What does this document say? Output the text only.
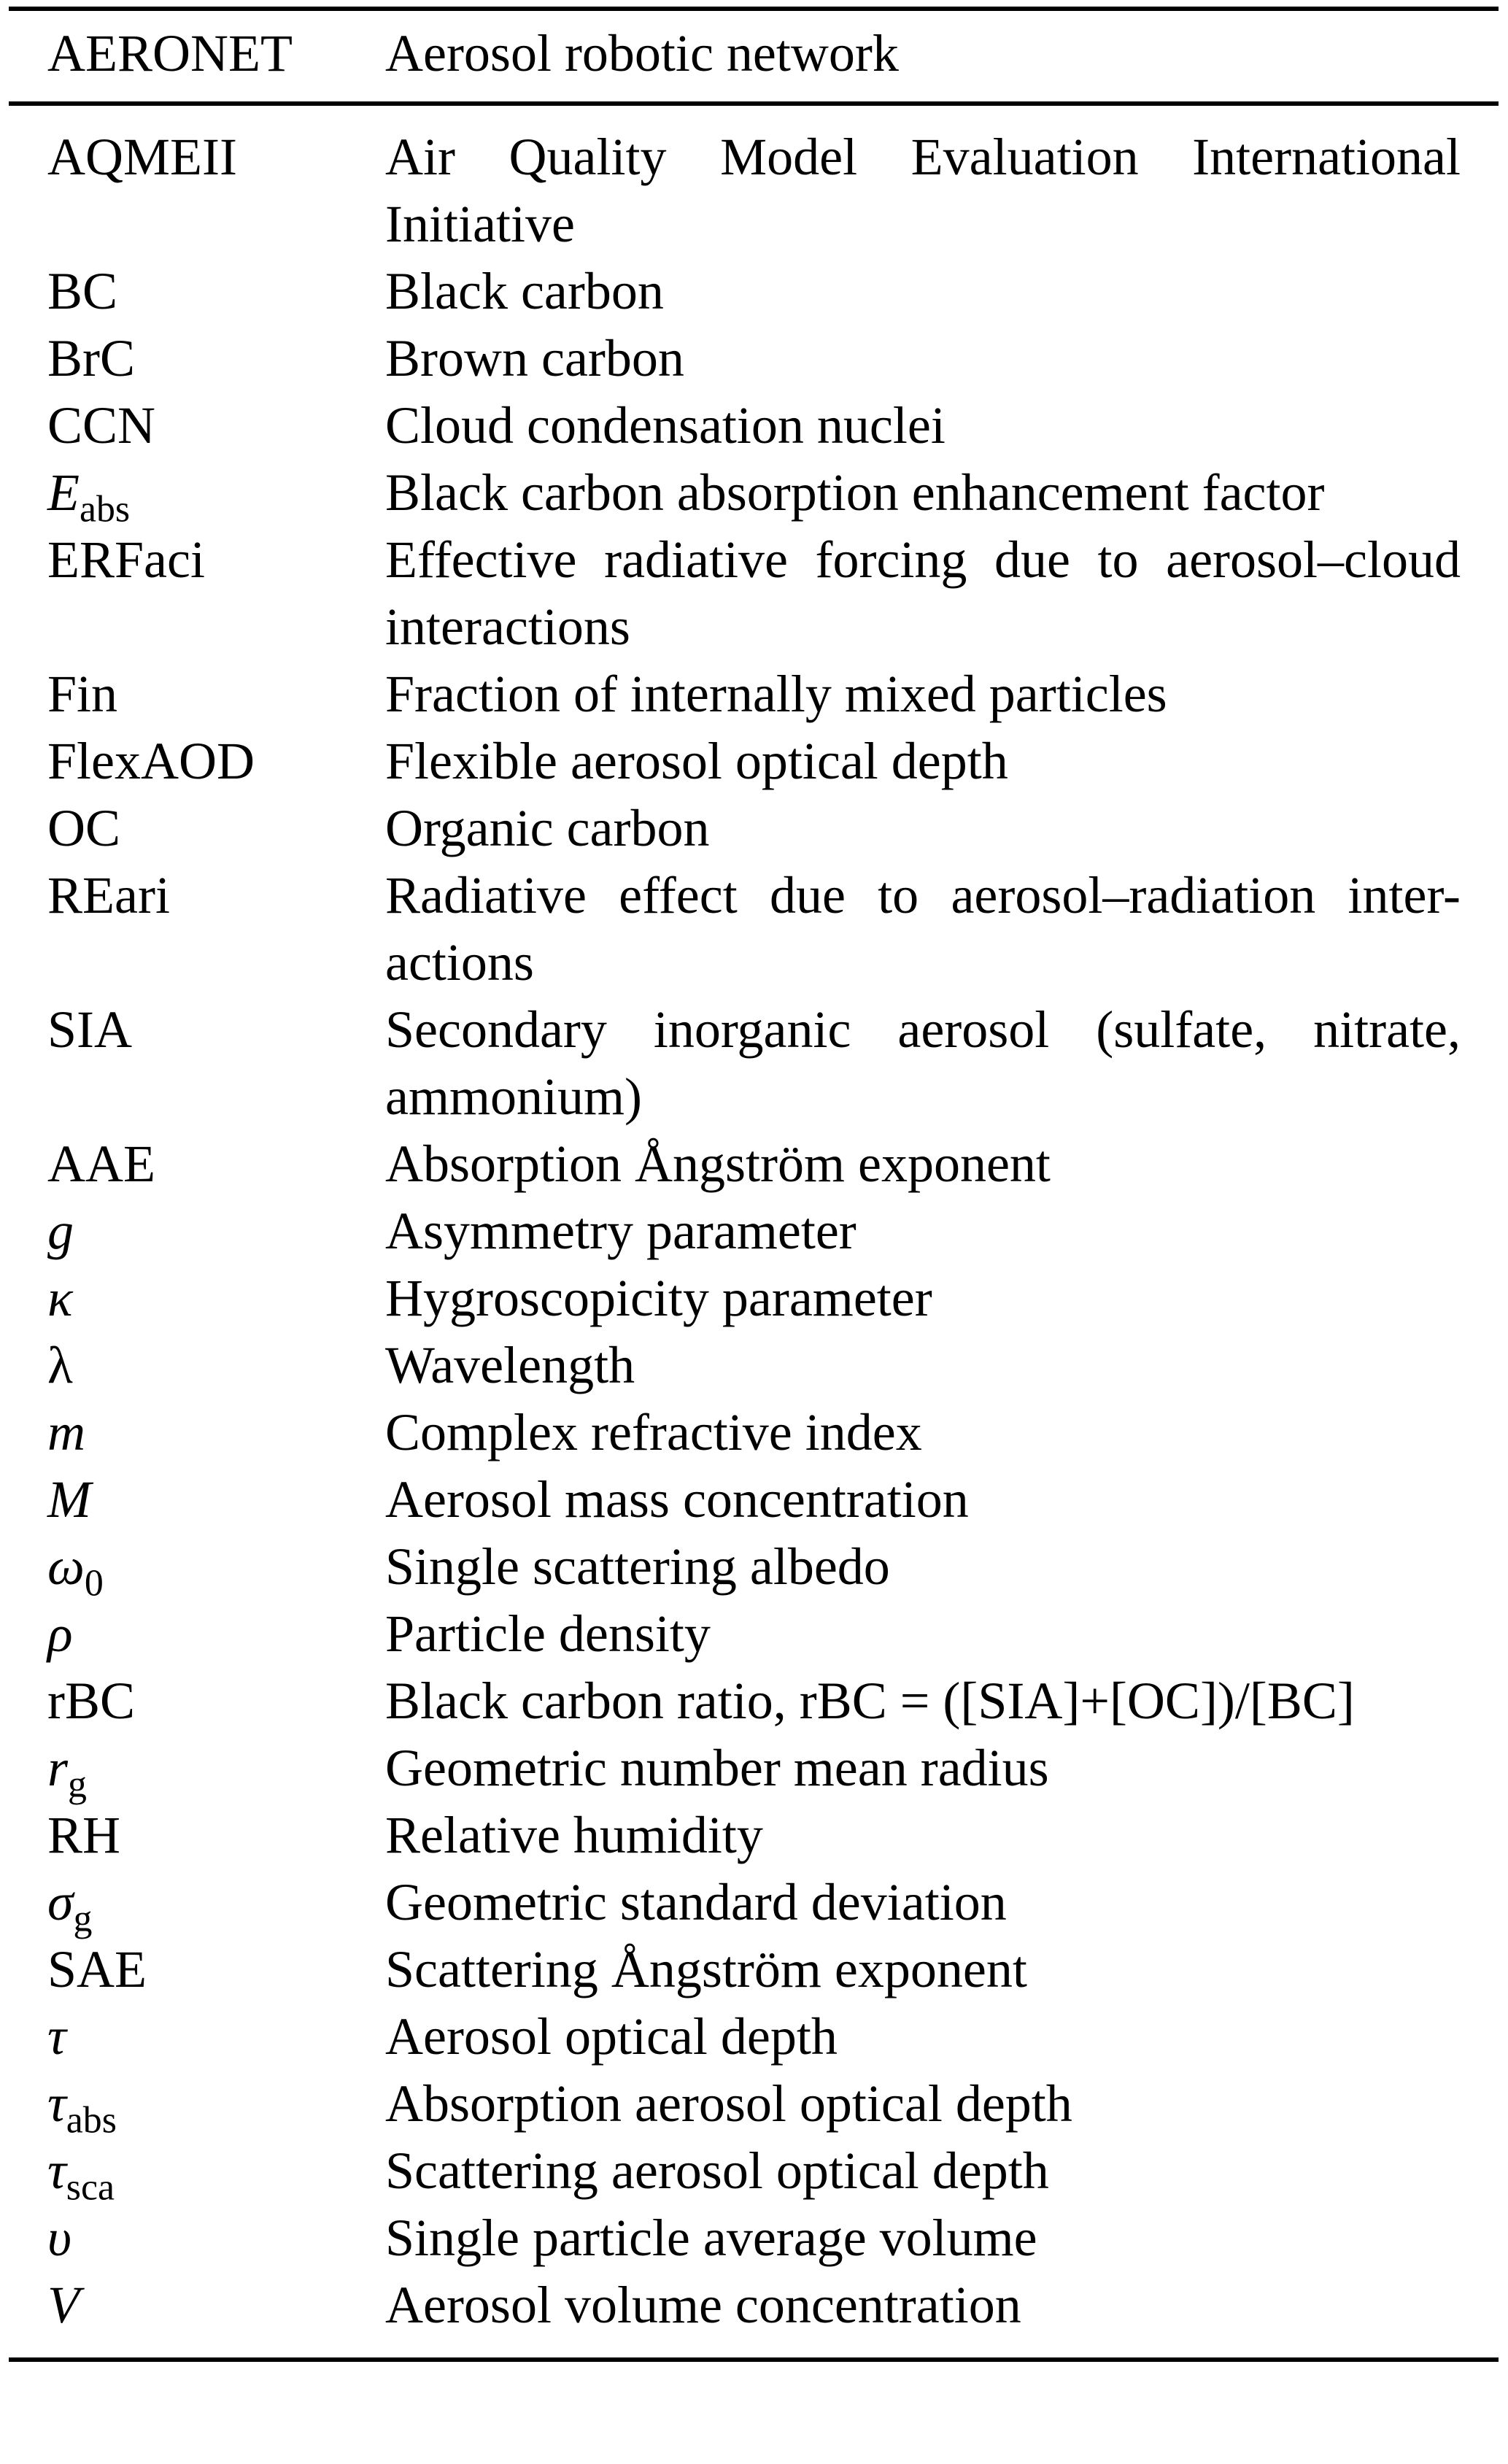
AERONET	Aerosol robotic network
AQMEII	Air Quality Model Evaluation International Initiative
BC	Black carbon
BrC	Brown carbon
CCN	Cloud condensation nuclei
$E_{abs}$	Black carbon absorption enhancement factor
ERFaci	Effective radiative forcing due to aerosol–cloud interactions
Fin	Fraction of internally mixed particles
FlexAOD	Flexible aerosol optical depth
OC	Organic carbon
REari	Radiative effect due to aerosol–radiation inter-actions
SIA	Secondary inorganic aerosol (sulfate, nitrate, ammonium)
AAE	Absorption Ångström exponent
g	Asymmetry parameter
κ	Hygroscopicity parameter
λ	Wavelength
m	Complex refractive index
M	Aerosol mass concentration
$\omega_0$	Single scattering albedo
ρ	Particle density
rBC	Black carbon ratio, rBC = ([SIA]+[OC])/[BC]
$r_g$	Geometric number mean radius
RH	Relative humidity
$\sigma_g$	Geometric standard deviation
SAE	Scattering Ångström exponent
τ	Aerosol optical depth
$\tau_{abs}$	Absorption aerosol optical depth
$\tau_{sca}$	Scattering aerosol optical depth
υ	Single particle average volume
V	Aerosol volume concentration
